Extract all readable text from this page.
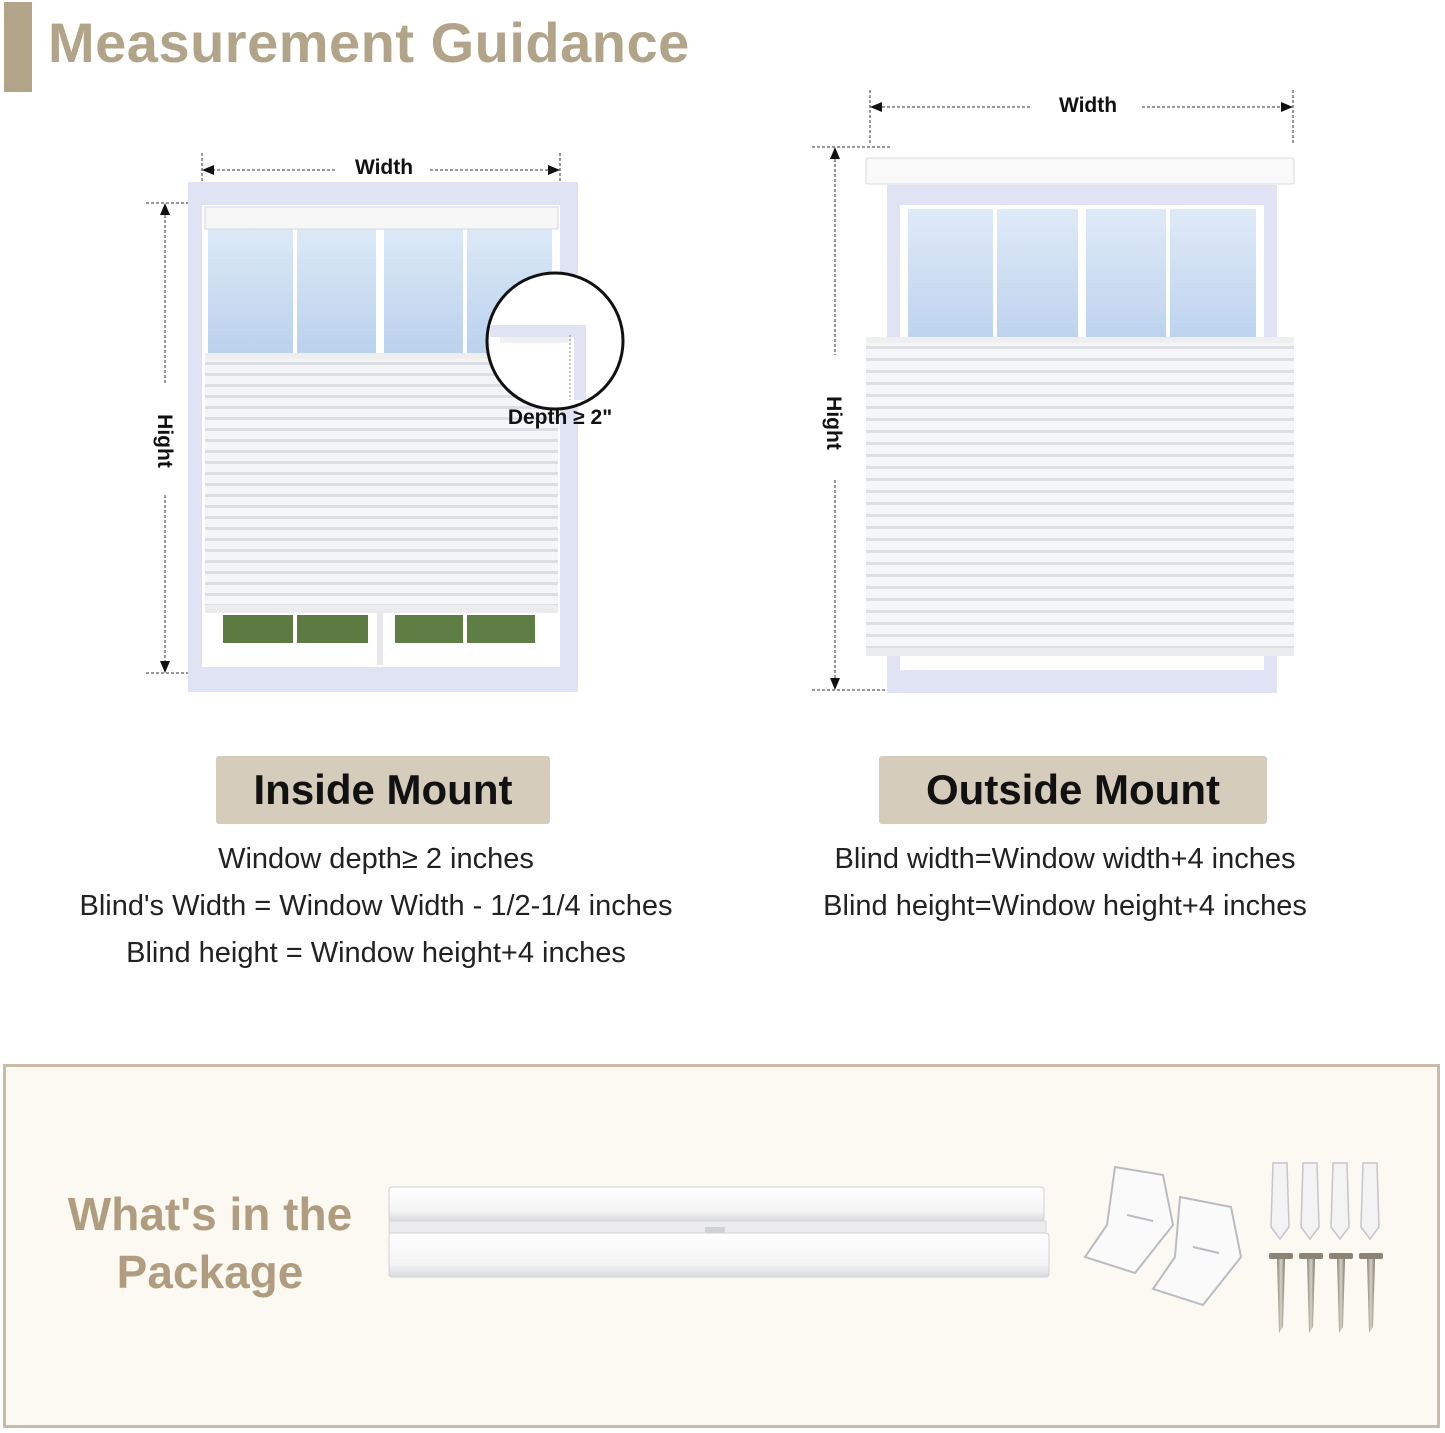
Measurement Guidance
Width
Hight	Depth ≥ 2"
Width
Hight
Inside Mount	Outside Mount
Window depth≥ 2 inches
Blind's Width = Window Width - 1/2-1/4 inches
Blind height = Window height+4 inches
Blind width=Window width+4 inches
Blind height=Window height+4 inches
What's in the
Package
